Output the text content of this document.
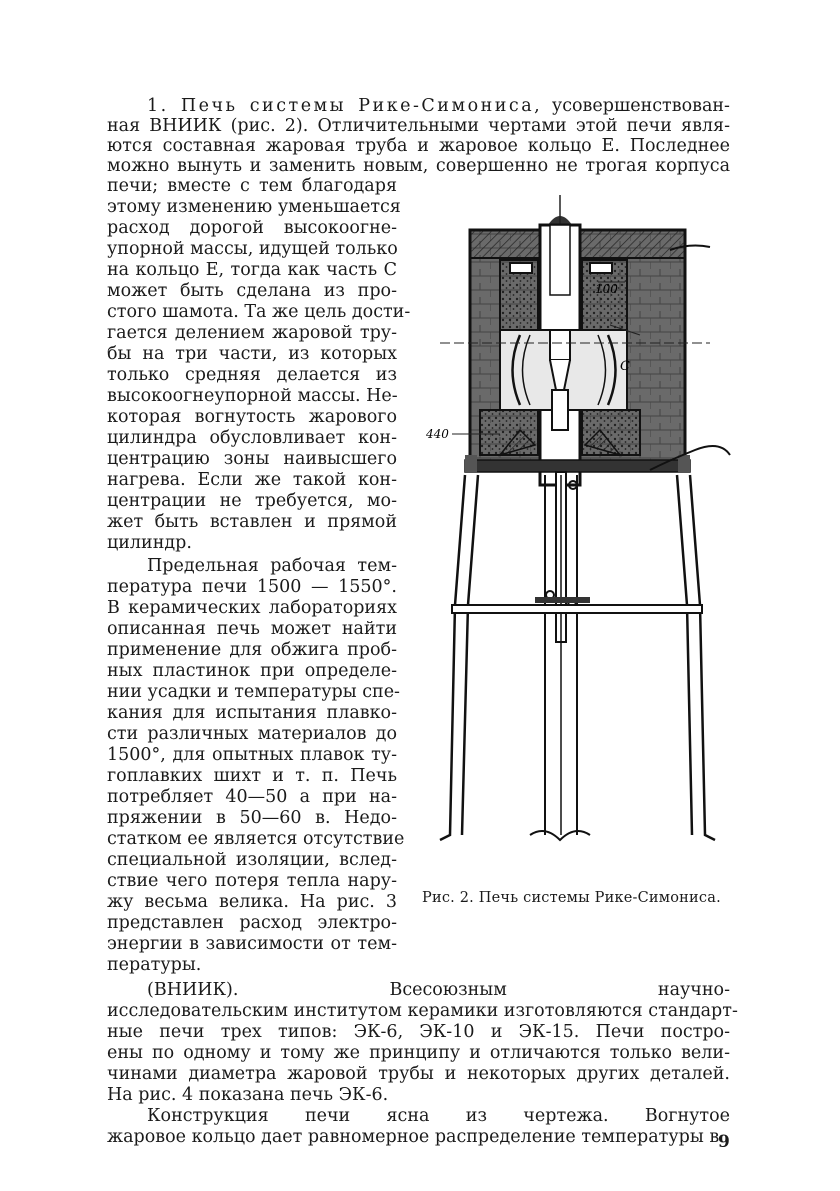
1. Печь системы Рике-Симониса, усовершенствован-
ная ВНИИК (рис. 2). Отличительными чертами этой печи явля-
ются составная жаровая труба и жаровое кольцо E. Последнее
можно вынуть и заменить новым, совершенно не трогая корпуса
печи; вместе с тем благодаря
этому изменению уменьшается
расход дорогой высокоогне-
упорной массы, идущей только
на кольцо E, тогда как часть C
может быть сделана из про-
стого шамота. Та же цель дости-
гается делением жаровой тру-
бы на три части, из которых
только средняя делается из
высокоогнеупорной массы. Не-
которая вогнутость жарового
цилиндра обусловливает кон-
центрацию зоны наивысшего
нагрева. Если же такой кон-
центрации не требуется, мо-
жет быть вставлен и прямой
цилиндр.
Предельная рабочая тем-
пература печи 1500 — 1550°.
В керамических лабораториях
описанная печь может найти
применение для обжига проб-
ных пластинок при определе-
нии усадки и температуры спе-
кания для испытания плавко-
сти различных материалов до
1500°, для опытных плавок ту-
гоплавких шихт и т. п. Печь
потребляет 40—50 a при на-
пряжении в 50—60 в. Недо-
статком ее является отсутствие
специальной изоляции, вслед-
ствие чего потеря тепла нару-
жу весьма велика. На рис. 3
представлен расход электро-
энергии в зависимости от тем-
пературы.
(ВНИИК). Всесоюзным научно-
исследовательским институтом керамики изготовляются стандарт-
ные печи трех типов: ЭК-6, ЭК-10 и ЭК-15. Печи постро-
ены по одному и тому же принципу и отличаются только вели-
чинами диаметра жаровой трубы и некоторых других деталей.
На рис. 4 показана печь ЭК-6.
Конструкция печи ясна из чертежа. Вогнутое
жаровое кольцо дает равномерное распределение температуры в
9
100
C
440
Рис. 2. Печь системы Рике-Симониса.
